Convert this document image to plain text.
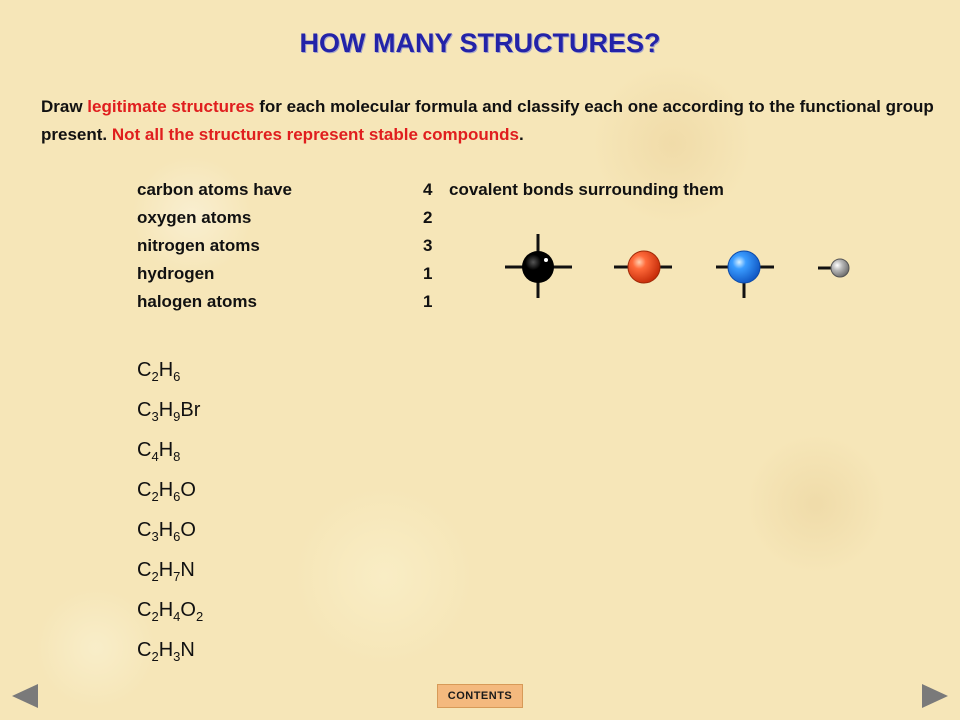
HOW MANY STRUCTURES?
Draw legitimate structures for each molecular formula and classify each one according to the functional group present. Not all the structures represent stable compounds.
carbon atoms have	4 covalent bonds surrounding them
oxygen atoms	2
nitrogen atoms	3
hydrogen	1
halogen atoms	1
$C_2H_6$
$C_3H_9Br$
$C_4H_8$
$C_2H_6O$
$C_3H_6O$
$C_2H_7N$
$C_2H_4O_2$
$C_2H_3N$
CONTENTS
